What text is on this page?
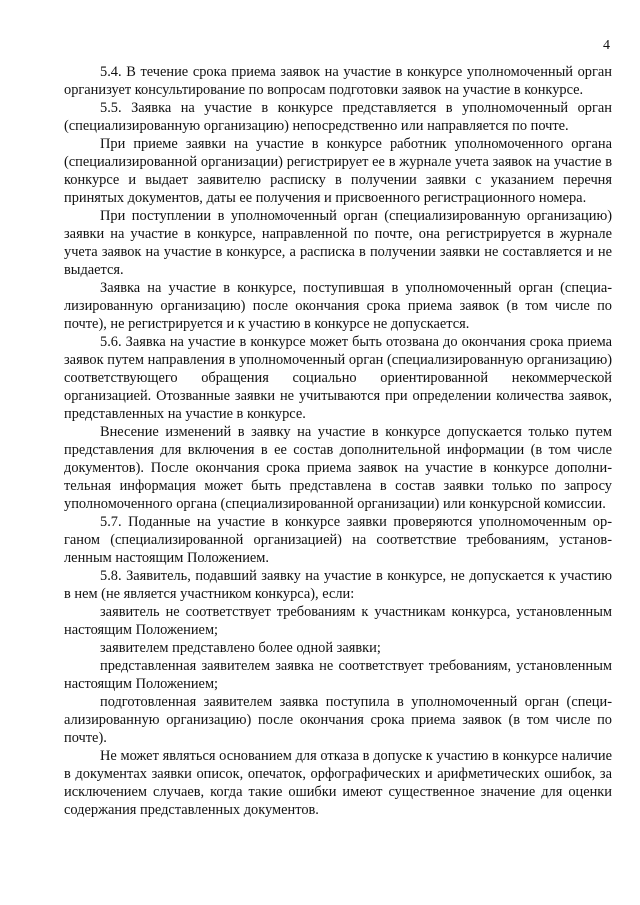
4

5.4. В течение срока приема заявок на участие в конкурсе уполномоченный орган организует консультирование по вопросам подготовки заявок на участие в конкурсе.

5.5. Заявка на участие в конкурсе представляется в уполномоченный орган (специализированную организацию) непосредственно или направляется по почте.

При приеме заявки на участие в конкурсе работник уполномоченного органа (специализированной организации) регистрирует ее в журнале учета заявок на участие в конкурсе и выдает заявителю расписку в получении заявки с указанием перечня принятых документов, даты ее получения и присвоенного регистрационного номера.

При поступлении в уполномоченный орган (специализированную организацию) заявки на участие в конкурсе, направленной по почте, она регистрируется в журнале учета заявок на участие в конкурсе, а расписка в получении заявки не составляется и не выдается.

Заявка на участие в конкурсе, поступившая в уполномоченный орган (специализированную организацию) после окончания срока приема заявок (в том числе по почте), не регистрируется и к участию в конкурсе не допускается.

5.6. Заявка на участие в конкурсе может быть отозвана до окончания срока приема заявок путем направления в уполномоченный орган (специализированную организацию) соответствующего обращения социально ориентированной некоммерческой организацией. Отозванные заявки не учитываются при определении количества заявок, представленных на участие в конкурсе.

Внесение изменений в заявку на участие в конкурсе допускается только путем представления для включения в ее состав дополнительной информации (в том числе документов). После окончания срока приема заявок на участие в конкурсе дополнительная информация может быть представлена в состав заявки только по запросу уполномоченного органа (специализированной организации) или конкурсной комиссии.

5.7. Поданные на участие в конкурсе заявки проверяются уполномоченным органом (специализированной организацией) на соответствие требованиям, установленным настоящим Положением.

5.8. Заявитель, подавший заявку на участие в конкурсе, не допускается к участию в нем (не является участником конкурса), если:

заявитель не соответствует требованиям к участникам конкурса, установленным настоящим Положением;

заявителем представлено более одной заявки;

представленная заявителем заявка не соответствует требованиям, установленным настоящим Положением;

подготовленная заявителем заявка поступила в уполномоченный орган (специализированную организацию) после окончания срока приема заявок (в том числе по почте).

Не может являться основанием для отказа в допуске к участию в конкурсе наличие в документах заявки описок, опечаток, орфографических и арифметических ошибок, за исключением случаев, когда такие ошибки имеют существенное значение для оценки содержания представленных документов.
